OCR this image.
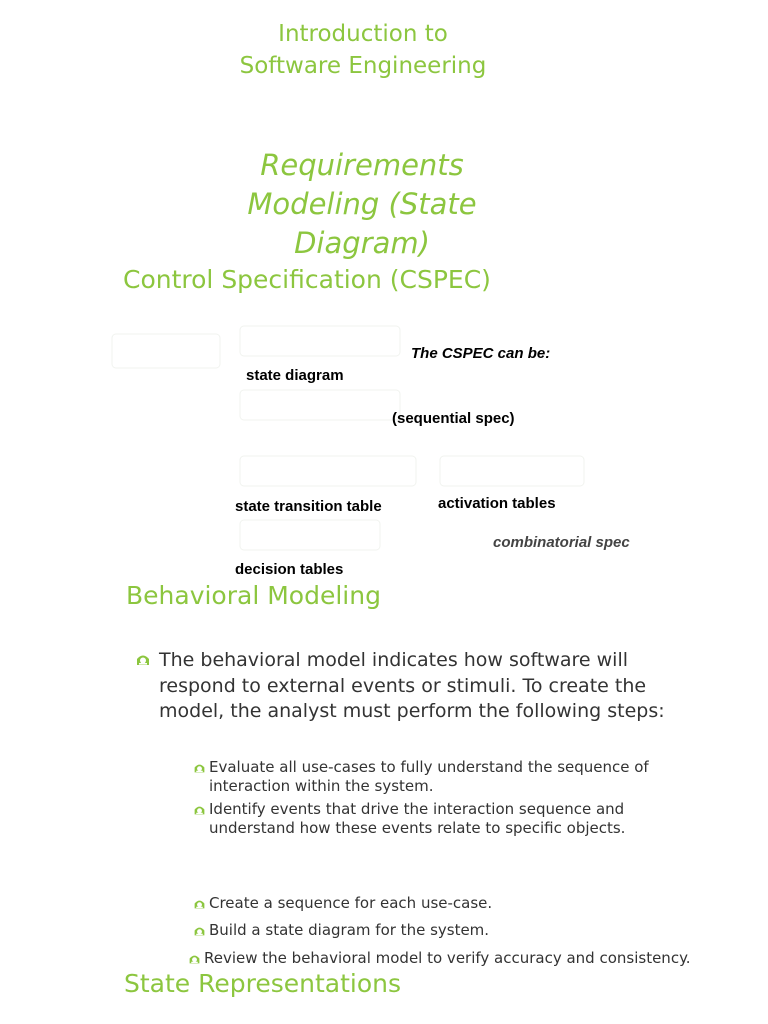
Introduction to
Software Engineering
Requirements
Modeling (State
Diagram)
Control Specification (CSPEC)
The CSPEC can be:
state diagram
(sequential spec)
state transition table	activation tables
combinatorial spec
decision tables
Behavioral Modeling
The behavioral model indicates how software will respond to external events or stimuli. To create the model, the analyst must perform the following steps:
Evaluate all use-cases to fully understand the sequence of interaction within the system.
Identify events that drive the interaction sequence and understand how these events relate to specific objects.
Create a sequence for each use-case.
Build a state diagram for the system.
Review the behavioral model to verify accuracy and consistency.
State Representations
